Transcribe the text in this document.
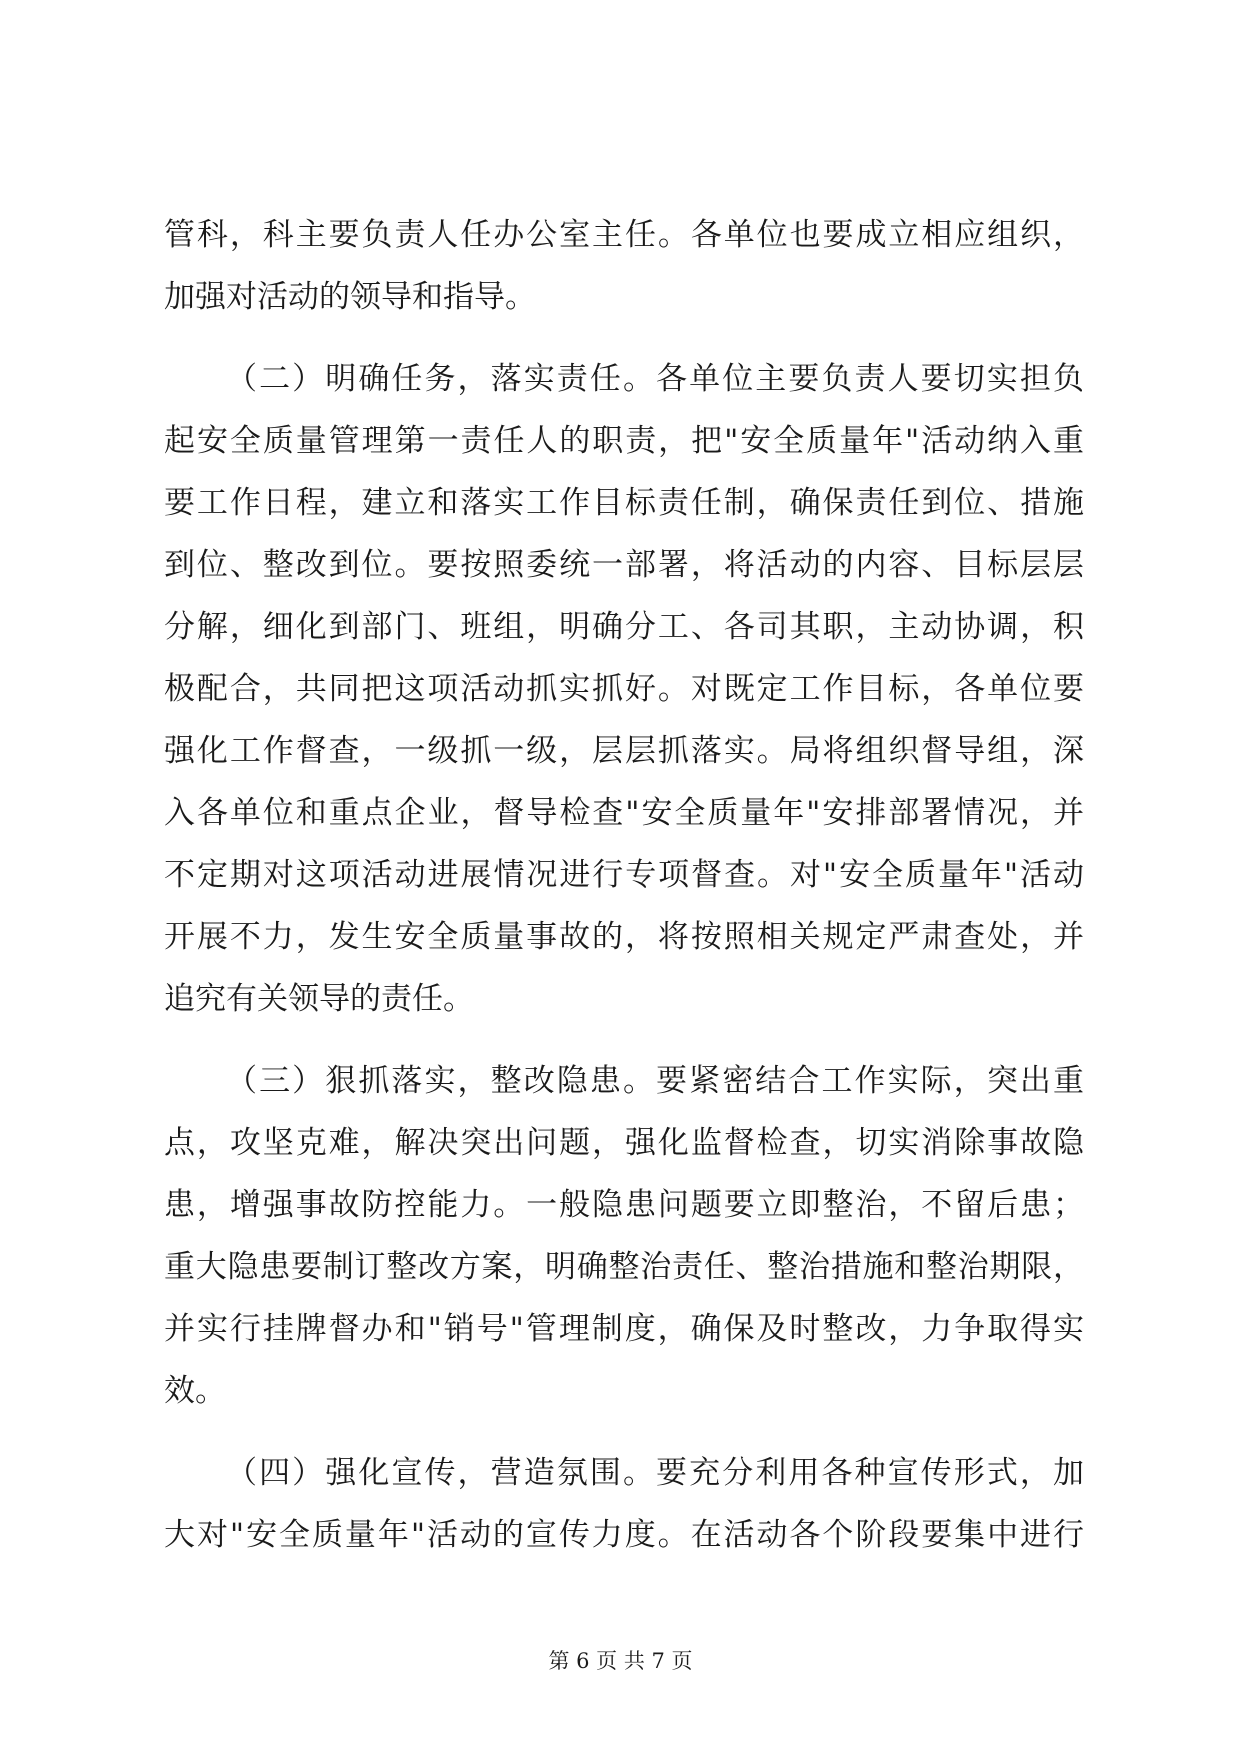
管科，科主要负责人任办公室主任。各单位也要成立相应组织，
加强对活动的领导和指导。
（二）明确任务，落实责任。各单位主要负责人要切实担负
起安全质量管理第一责任人的职责，把"安全质量年"活动纳入重
要工作日程，建立和落实工作目标责任制，确保责任到位、措施
到位、整改到位。要按照委统一部署，将活动的内容、目标层层
分解，细化到部门、班组，明确分工、各司其职，主动协调，积
极配合，共同把这项活动抓实抓好。对既定工作目标，各单位要
强化工作督查，一级抓一级，层层抓落实。局将组织督导组，深
入各单位和重点企业，督导检查"安全质量年"安排部署情况，并
不定期对这项活动进展情况进行专项督查。对"安全质量年"活动
开展不力，发生安全质量事故的，将按照相关规定严肃查处，并
追究有关领导的责任。
（三）狠抓落实，整改隐患。要紧密结合工作实际，突出重
点，攻坚克难，解决突出问题，强化监督检查，切实消除事故隐
患，增强事故防控能力。一般隐患问题要立即整治，不留后患；
重大隐患要制订整改方案，明确整治责任、整治措施和整治期限，
并实行挂牌督办和"销号"管理制度，确保及时整改，力争取得实
效。
（四）强化宣传，营造氛围。要充分利用各种宣传形式，加
大对"安全质量年"活动的宣传力度。在活动各个阶段要集中进行
第 6 页 共 7 页
